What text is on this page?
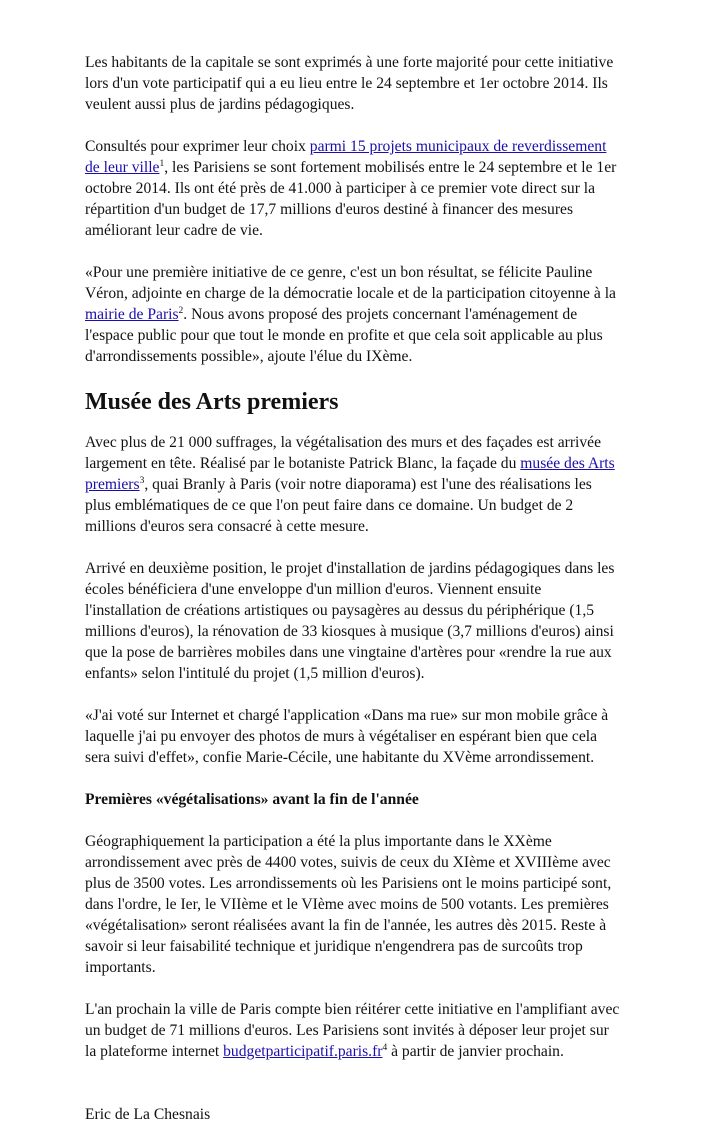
Les habitants de la capitale se sont exprimés à une forte majorité pour cette initiative lors d'un vote participatif qui a eu lieu entre le 24 septembre et 1er octobre 2014. Ils veulent aussi plus de jardins pédagogiques.

Consultés pour exprimer leur choix parmi 15 projets municipaux de reverdissement de leur ville$^1$, les Parisiens se sont fortement mobilisés entre le 24 septembre et le 1er octobre 2014. Ils ont été près de 41.000 à participer à ce premier vote direct sur la répartition d'un budget de 17,7 millions d'euros destiné à financer des mesures améliorant leur cadre de vie.

«Pour une première initiative de ce genre, c'est un bon résultat, se félicite Pauline Véron, adjointe en charge de la démocratie locale et de la participation citoyenne à la mairie de Paris$^2$. Nous avons proposé des projets concernant l'aménagement de l'espace public pour que tout le monde en profite et que cela soit applicable au plus d'arrondissements possible», ajoute l'élue du IXème.

Musée des Arts premiers

Avec plus de 21 000 suffrages, la végétalisation des murs et des façades est arrivée largement en tête. Réalisé par le botaniste Patrick Blanc, la façade du musée des Arts premiers$^3$, quai Branly à Paris (voir notre diaporama) est l'une des réalisations les plus emblématiques de ce que l'on peut faire dans ce domaine. Un budget de 2 millions d'euros sera consacré à cette mesure.

Arrivé en deuxième position, le projet d'installation de jardins pédagogiques dans les écoles bénéficiera d'une enveloppe d'un million d'euros. Viennent ensuite l'installation de créations artistiques ou paysagères au dessus du périphérique (1,5 millions d'euros), la rénovation de 33 kiosques à musique (3,7 millions d'euros) ainsi que la pose de barrières mobiles dans une vingtaine d'artères pour «rendre la rue aux enfants» selon l'intitulé du projet (1,5 million d'euros).

«J'ai voté sur Internet et chargé l'application «Dans ma rue» sur mon mobile grâce à laquelle j'ai pu envoyer des photos de murs à végétaliser en espérant bien que cela sera suivi d'effet», confie Marie-Cécile, une habitante du XVème arrondissement.

Premières «végétalisations» avant la fin de l'année

Géographiquement la participation a été la plus importante dans le XXème arrondissement avec près de 4400 votes, suivis de ceux du XIème et XVIIIème avec plus de 3500 votes. Les arrondissements où les Parisiens ont le moins participé sont, dans l'ordre, le Ier, le VIIème et le VIème avec moins de 500 votants. Les premières «végétalisation» seront réalisées avant la fin de l'année, les autres dès 2015. Reste à savoir si leur faisabilité technique et juridique n'engendrera pas de surcoûts trop importants.

L'an prochain la ville de Paris compte bien réitérer cette initiative en l'amplifiant avec un budget de 71 millions d'euros. Les Parisiens sont invités à déposer leur projet sur la plateforme internet $budgetparticipatif.paris.fr^4$ à partir de janvier prochain.

Eric de La Chesnais
